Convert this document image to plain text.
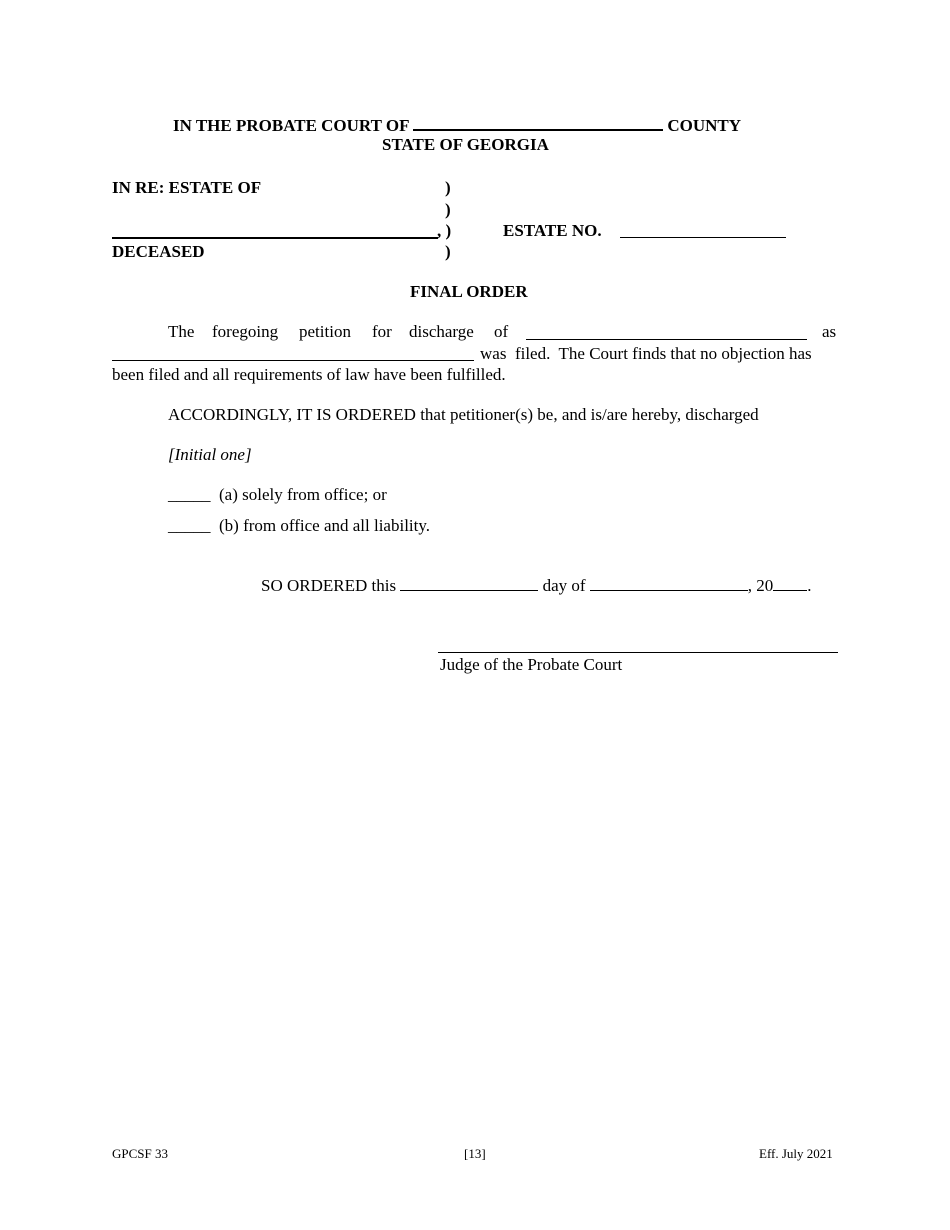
IN THE PROBATE COURT OF	COUNTY
STATE OF GEORGIA
IN RE: ESTATE OF	)
)
, )	ESTATE NO.
DECEASED	)
FINAL ORDER
The foregoing petition for discharge of	as
was  filed.  The Court finds that no objection has
been filed and all requirements of law have been fulfilled.
ACCORDINGLY, IT IS ORDERED that petitioner(s) be, and is/are hereby, discharged
[Initial one]
_____ (a) solely from office; or
_____ (b) from office and all liability.
SO ORDERED this	day of	, 20 .
Judge of the Probate Court
GPCSF 33	[13]	Eff. July 2021
